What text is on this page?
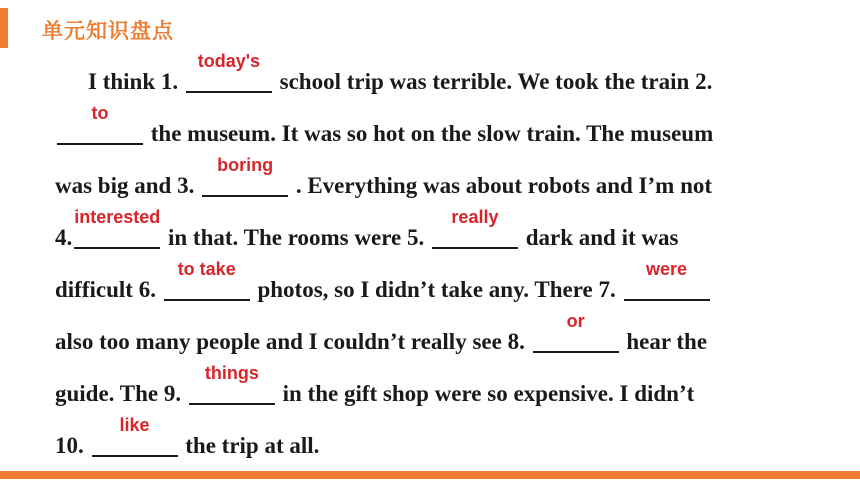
单元知识盘点
I think 1.
today's
school trip was terrible. We took the train 2.
to
the museum. It was so hot on the slow train. The museum
was big and 3.
boring
. Everything was about robots and I’m not
4.
interested
in that. The rooms were 5.
really
dark and it was
difficult 6.
to take
photos, so I didn’t take any. There 7.
were
also too many people and I couldn’t really see 8.
or
hear the
guide. The 9.
things
in the gift shop were so expensive. I didn’t
10.
like
the trip at all.
